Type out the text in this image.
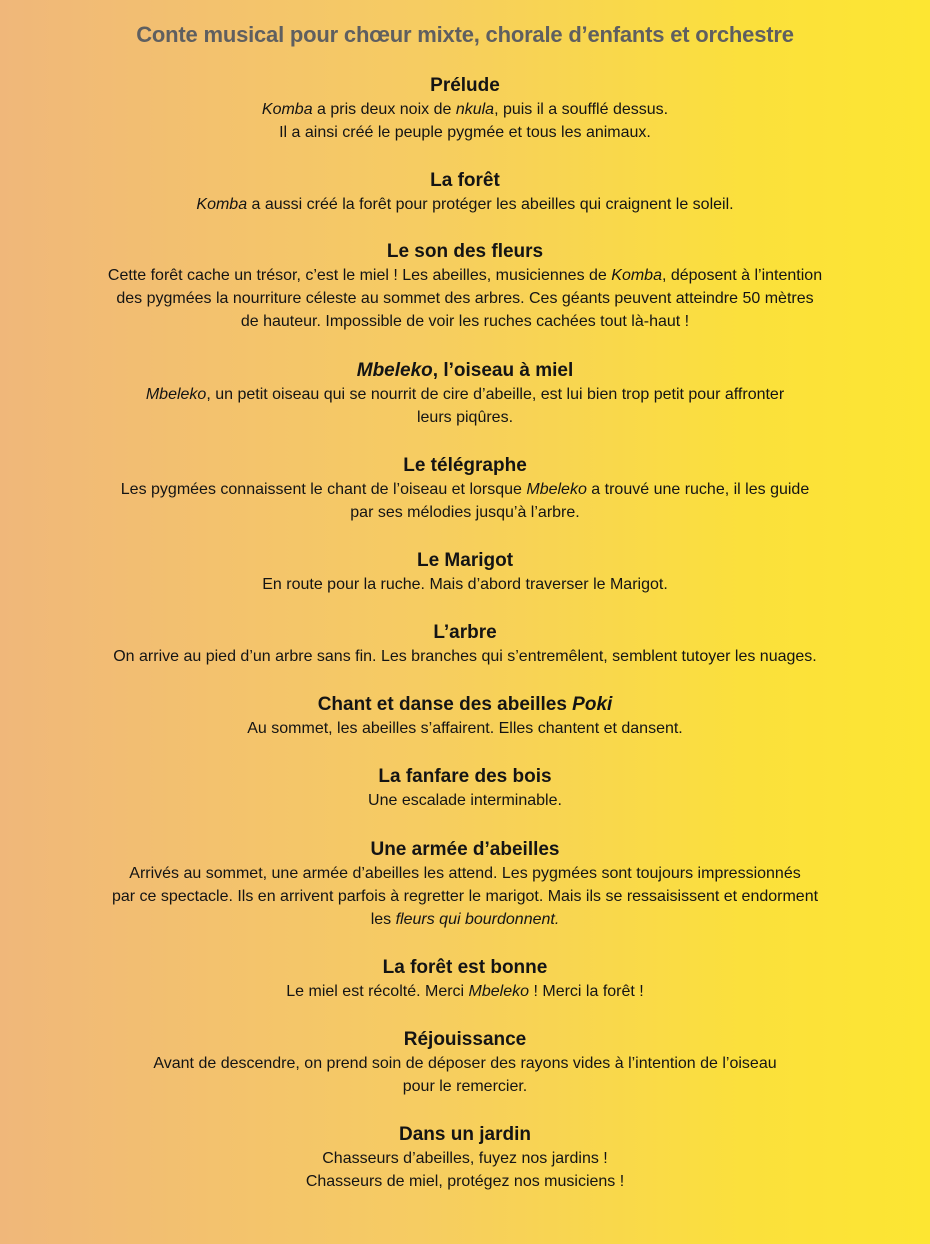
Conte musical pour chœur mixte, chorale d’enfants et orchestre
Prélude

Komba a pris deux noix de nkula, puis il a soufflé dessus.
Il a ainsi créé le peuple pygmée et tous les animaux.

La forêt

Komba a aussi créé la forêt pour protéger les abeilles qui craignent le soleil.

Le son des fleurs

Cette forêt cache un trésor, c’est le miel ! Les abeilles, musiciennes de Komba, déposent à l’intention
des pygmées la nourriture céleste au sommet des arbres. Ces géants peuvent atteindre 50 mètres
de hauteur. Impossible de voir les ruches cachées tout là-haut !

Mbeleko, l’oiseau à miel

Mbeleko, un petit oiseau qui se nourrit de cire d’abeille, est lui bien trop petit pour affronter
leurs piqûres.

Le télégraphe

Les pygmées connaissent le chant de l’oiseau et lorsque Mbeleko a trouvé une ruche, il les guide
par ses mélodies jusqu’à l’arbre.

Le Marigot

En route pour la ruche. Mais d’abord traverser le Marigot.

L’arbre

On arrive au pied d’un arbre sans fin. Les branches qui s’entremêlent, semblent tutoyer les nuages.

Chant et danse des abeilles Poki

Au sommet, les abeilles s’affairent. Elles chantent et dansent.

La fanfare des bois

Une escalade interminable.

Une armée d’abeilles

Arrivés au sommet, une armée d’abeilles les attend. Les pygmées sont toujours impressionnés
par ce spectacle. Ils en arrivent parfois à regretter le marigot. Mais ils se ressaisissent et endorment
les fleurs qui bourdonnent.

La forêt est bonne

Le miel est récolté. Merci Mbeleko ! Merci la forêt !

Réjouissance

Avant de descendre, on prend soin de déposer des rayons vides à l’intention de l’oiseau
pour le remercier.

Dans un jardin

Chasseurs d’abeilles, fuyez nos jardins !
Chasseurs de miel, protégez nos musiciens !
